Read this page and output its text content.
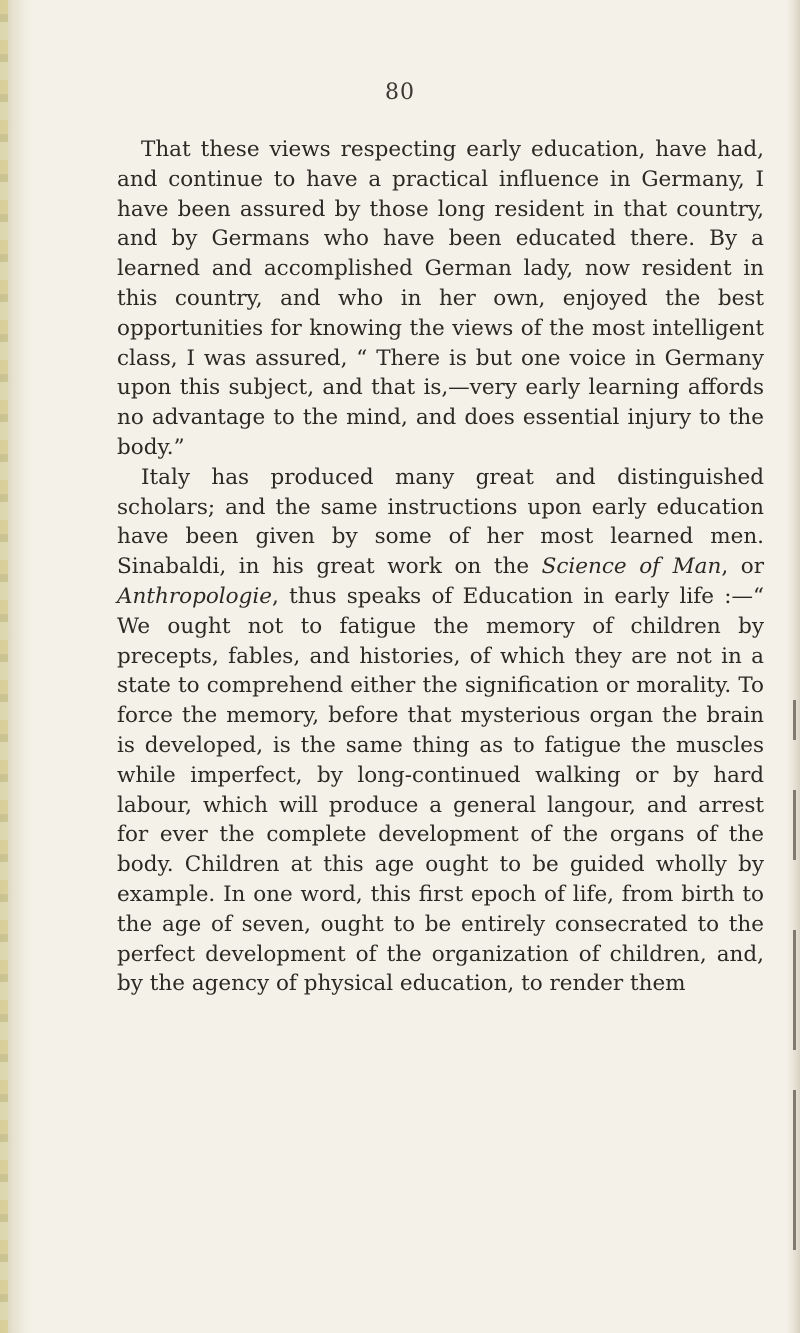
80

That these views respecting early education, have had, and continue to have a practical influence in Germany, I have been assured by those long resident in that country, and by Germans who have been educated there. By a learned and accomplished German lady, now resident in this country, and who in her own, enjoyed the best opportunities for knowing the views of the most intelligent class, I was assured, “ There is but one voice in Germany upon this subject, and that is,—very early learning affords no advantage to the mind, and does essential injury to the body.”

Italy has produced many great and distinguished scholars; and the same instructions upon early education have been given by some of her most learned men. Sinabaldi, in his great work on the Science of Man, or Anthropologie, thus speaks of Education in early life :—“ We ought not to fatigue the memory of children by precepts, fables, and histories, of which they are not in a state to comprehend either the signification or morality. To force the memory, before that mysterious organ the brain is developed, is the same thing as to fatigue the muscles while imperfect, by long-continued walking or by hard labour, which will produce a general langour, and arrest for ever the complete development of the organs of the body. Children at this age ought to be guided wholly by example. In one word, this first epoch of life, from birth to the age of seven, ought to be entirely consecrated to the perfect development of the organization of children, and, by the agency of physical education, to render them
